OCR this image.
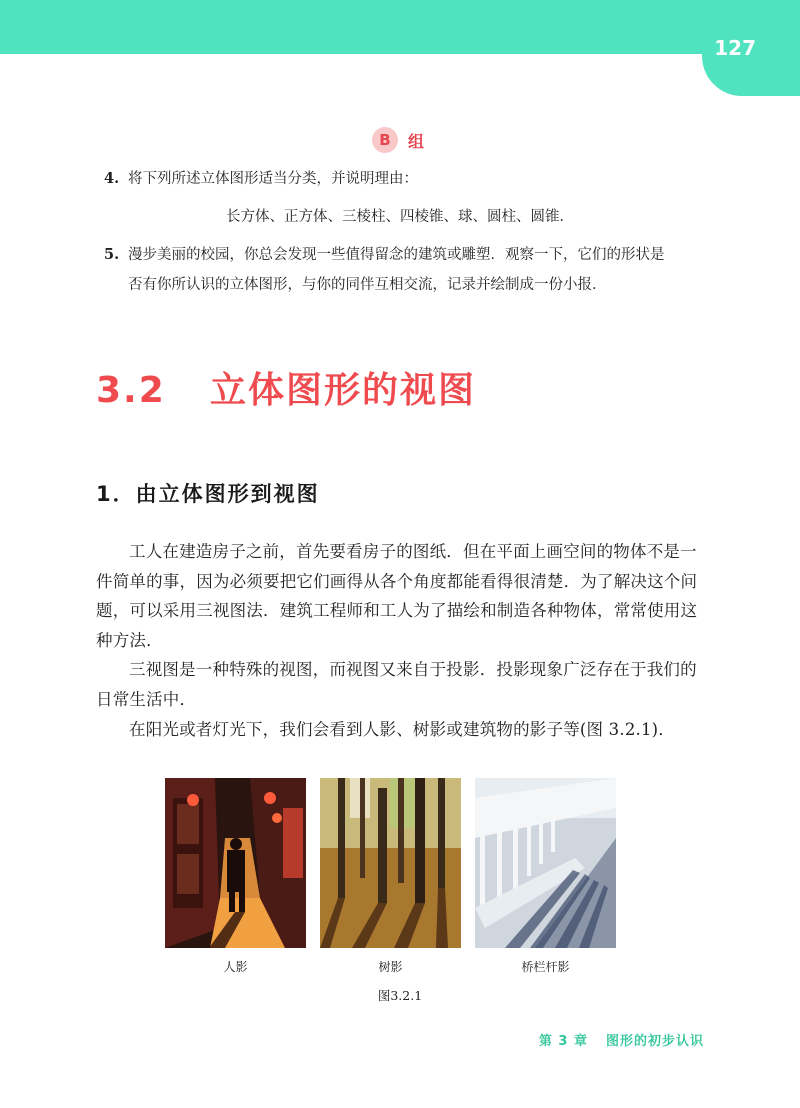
127
B	组
4. 将下列所述立体图形适当分类，并说明理由：
长方体、正方体、三棱柱、四棱锥、球、圆柱、圆锥．
5. 漫步美丽的校园，你总会发现一些值得留念的建筑或雕塑．观察一下，它们的形状是
否有你所认识的立体图形，与你的同伴互相交流，记录并绘制成一份小报．
3.2 立体图形的视图
1．由立体图形到视图

工人在建造房子之前，首先要看房子的图纸．但在平面上画空间的物体不是一件简单的事，因为必须要把它们画得从各个角度都能看得很清楚．为了解决这个问题，可以采用三视图法．建筑工程师和工人为了描绘和制造各种物体，常常使用这种方法．

三视图是一种特殊的视图，而视图又来自于投影．投影现象广泛存在于我们的日常生活中．

在阳光或者灯光下，我们会看到人影、树影或建筑物的影子等(图 3.2.1)．

人影	树影	桥栏杆影
图3.2.1
第 3 章 图形的初步认识
